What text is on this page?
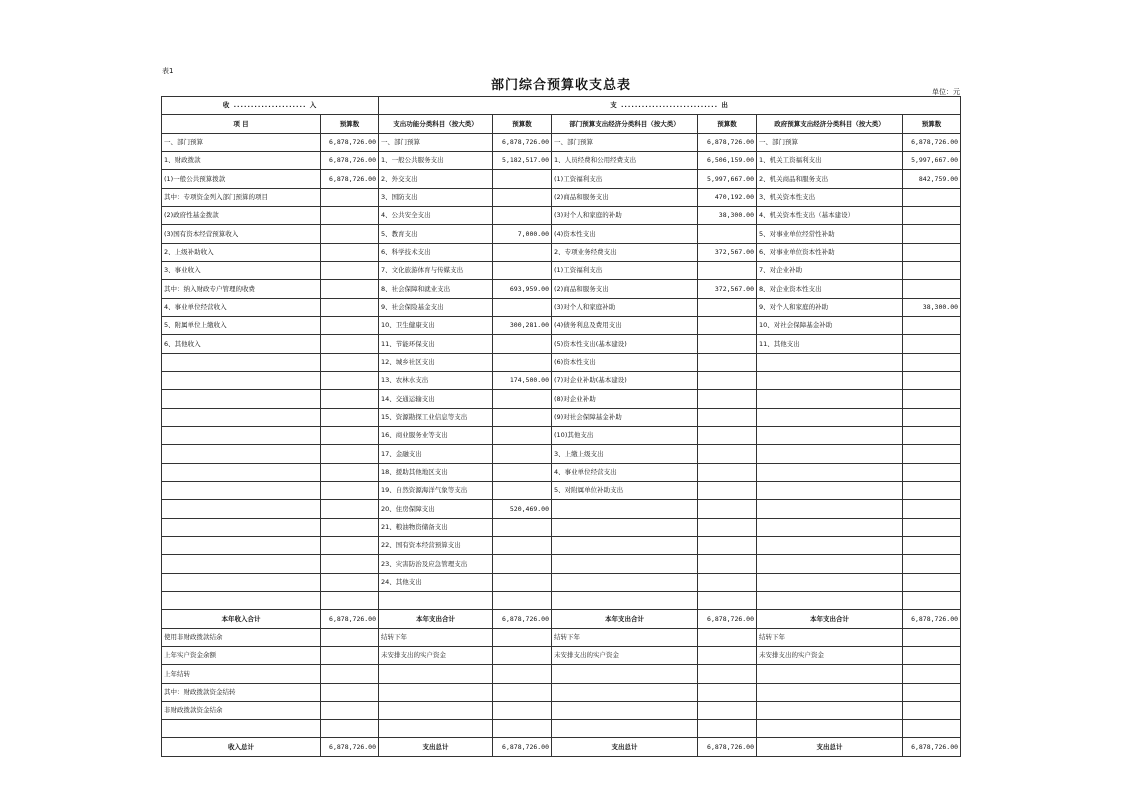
表1
部门综合预算收支总表	单位：元
收 ..................... 入		支 ............................ 出					
项 目	预算数	支出功能分类科目（按大类）	预算数	部门预算支出经济分类科目（按大类）	预算数	政府预算支出经济分类科目（按大类）	预算数
一、部门预算	6,878,726.00	一、部门预算	6,878,726.00	一、部门预算	6,878,726.00	一、部门预算	6,878,726.00
1、财政拨款	6,878,726.00	1、一般公共服务支出	5,182,517.00	1、人员经费和公用经费支出	6,506,159.00	1、机关工资福利支出	5,997,667.00
(1)一般公共预算拨款	6,878,726.00	2、外交支出		(1)工资福利支出	5,997,667.00	2、机关商品和服务支出	842,759.00
其中：专项资金列入部门预算的项目		3、国防支出		(2)商品和服务支出	470,192.00	3、机关资本性支出	
(2)政府性基金拨款		4、公共安全支出		(3)对个人和家庭的补助	38,300.00	4、机关资本性支出（基本建设）	
(3)国有资本经营预算收入		5、教育支出	7,000.00	(4)资本性支出		5、对事业单位经常性补助	
2、上级补助收入		6、科学技术支出		2、专项业务经费支出	372,567.00	6、对事业单位资本性补助	
3、事业收入		7、文化旅游体育与传媒支出		(1)工资福利支出		7、对企业补助	
其中：纳入财政专户管理的收费		8、社会保障和就业支出	693,959.00	(2)商品和服务支出	372,567.00	8、对企业资本性支出	
4、事业单位经营收入		9、社会保险基金支出		(3)对个人和家庭补助		9、对个人和家庭的补助	38,300.00
5、附属单位上缴收入		10、卫生健康支出	300,281.00	(4)债务利息及费用支出		10、对社会保障基金补助	
6、其他收入		11、节能环保支出		(5)资本性支出(基本建设)		11、其他支出	
		12、城乡社区支出		(6)资本性支出			
		13、农林水支出	174,500.00	(7)对企业补助(基本建设)			
		14、交通运输支出		(8)对企业补助			
		15、资源勘探工业信息等支出		(9)对社会保障基金补助			
		16、商业服务业等支出		(10)其他支出			
		17、金融支出		3、上缴上级支出			
		18、援助其他地区支出		4、事业单位经营支出			
		19、自然资源海洋气象等支出		5、对附属单位补助支出			
		20、住房保障支出	520,469.00				
		21、粮油物资储备支出					
		22、国有资本经营预算支出					
		23、灾害防治及应急管理支出					
		24、其他支出					

本年收入合计	6,878,726.00	本年支出合计	6,878,726.00	本年支出合计	6,878,726.00	本年支出合计	6,878,726.00
使用非财政拨款结余		结转下年		结转下年		结转下年	
上年实户资金余额		未安排支出的实户资金		未安排支出的实户资金		未安排支出的实户资金	
上年结转							
其中：财政拨款资金结转							
非财政拨款资金结余							

收入总计	6,878,726.00	支出总计	6,878,726.00	支出总计	6,878,726.00	支出总计	6,878,726.00
